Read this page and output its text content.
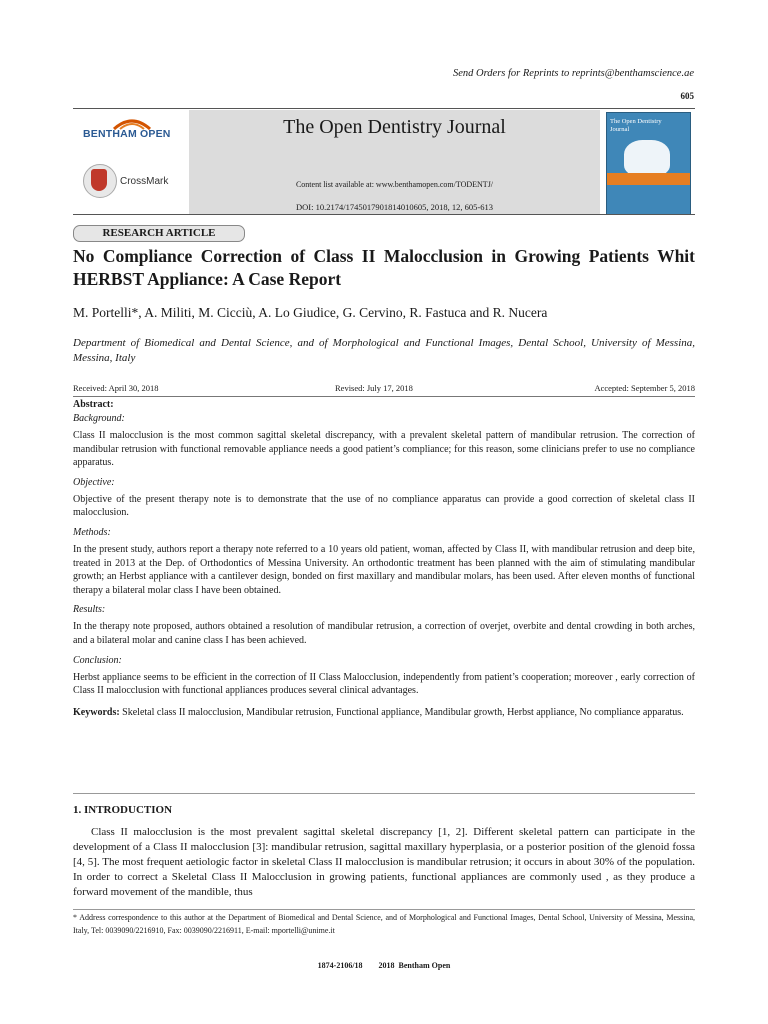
Send Orders for Reprints to reprints@benthamscience.ae
605
BENTHAM OPEN
CrossMark
The Open Dentistry Journal
Content list available at: www.benthamopen.com/TODENTJ/
DOI: 10.2174/1745017901814010605, 2018, 12, 605-613
The Open Dentistry Journal
RESEARCH ARTICLE
No Compliance Correction of Class II Malocclusion in Growing Patients Whit HERBST Appliance: A Case Report
M. Portelli*, A. Militi, M. Cicciù, A. Lo Giudice, G. Cervino, R. Fastuca and R. Nucera
Department of Biomedical and Dental Science, and of Morphological and Functional Images, Dental School, University of Messina, Messina, Italy
Received: April 30, 2018	Revised: July 17, 2018	Accepted: September 5, 2018
Abstract:
Background:
Class II malocclusion is the most common sagittal skeletal discrepancy, with a prevalent skeletal pattern of mandibular retrusion. The correction of mandibular retrusion with functional removable appliance needs a good patient’s compliance; for this reason, some clinicians prefer to use no compliance apparatus.
Objective:
Objective of the present therapy note is to demonstrate that the use of no compliance apparatus can provide a good correction of skeletal class II malocclusion.
Methods:
In the present study, authors report a therapy note referred to a 10 years old patient, woman, affected by Class II, with mandibular retrusion and deep bite, treated in 2013 at the Dep. of Orthodontics of Messina University. An orthodontic treatment has been planned with the aim of stimulating mandibular growth; an Herbst appliance with a cantilever design, bonded on first maxillary and mandibular molars, has been used. After eleven months of functional therapy a bilateral molar class I have been obtained.
Results:
In the therapy note proposed, authors obtained a resolution of mandibular retrusion, a correction of overjet, overbite and dental crowding in both arches, and a bilateral molar and canine class I has been achieved.
Conclusion:
Herbst appliance seems to be efficient in the correction of II Class Malocclusion, independently from patient’s cooperation; moreover , early correction of Class II malocclusion with functional appliances produces several clinical advantages.
Keywords: Skeletal class II malocclusion, Mandibular retrusion, Functional appliance, Mandibular growth, Herbst appliance, No compliance apparatus.
1. INTRODUCTION
Class II malocclusion is the most prevalent sagittal skeletal discrepancy [1, 2]. Different skeletal pattern can participate in the development of a Class II malocclusion [3]: mandibular retrusion, sagittal maxillary hyperplasia, or a posterior position of the glenoid fossa [4, 5]. The most frequent aetiologic factor in skeletal Class II malocclusion is mandibular retrusion; it occurs in about 30% of the population. In order to correct a Skeletal Class II Malocclusion in growing patients, functional appliances are commonly used , as they produce a forward movement of the mandible, thus
* Address correspondence to this author at the Department of Biomedical and Dental Science, and of Morphological and Functional Images, Dental School, University of Messina, Messina, Italy, Tel: 0039090/2216910, Fax: 0039090/2216911, E-mail: mportelli@unime.it
1874-2106/18        2018  Bentham Open
